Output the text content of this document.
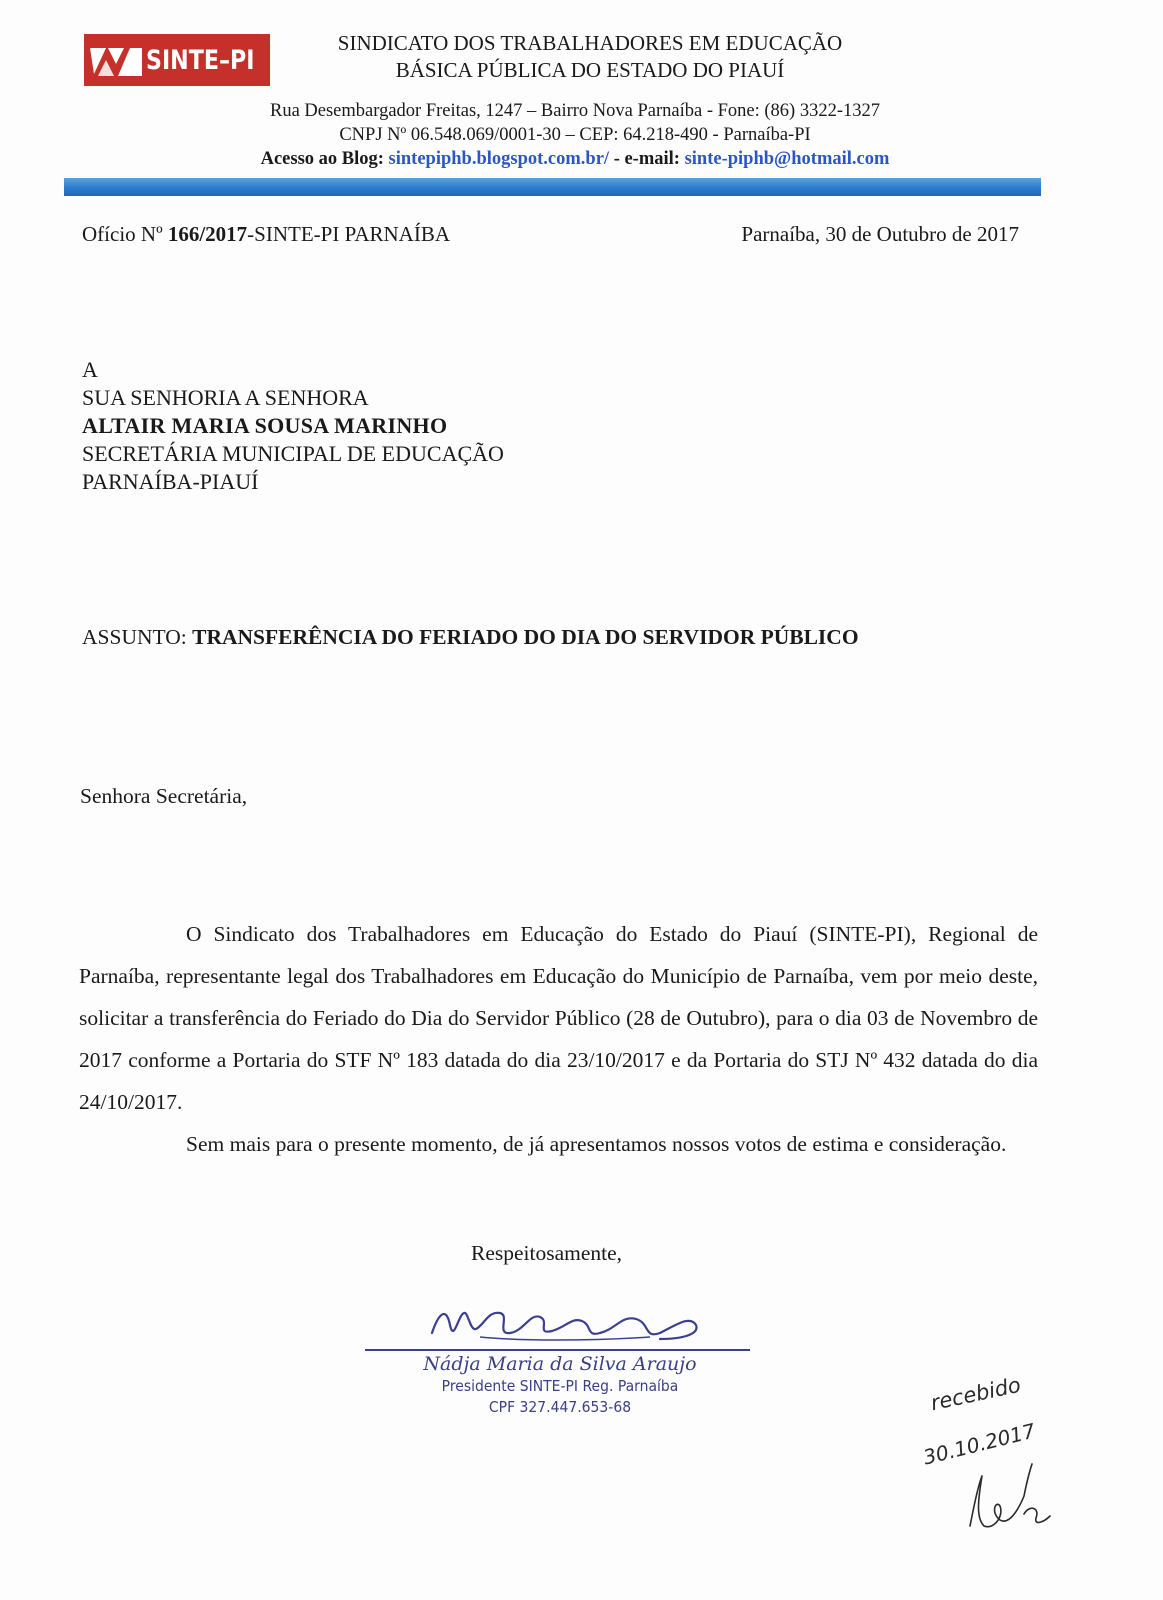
SINTE–PI
SINDICATO DOS TRABALHADORES EM EDUCAÇÃO
BÁSICA PÚBLICA DO ESTADO DO PIAUÍ
Rua Desembargador Freitas, 1247 – Bairro Nova Parnaíba - Fone: (86) 3322-1327
CNPJ Nº 06.548.069/0001-30 – CEP: 64.218-490 - Parnaíba-PI
Acesso ao Blog: sintepiphb.blogspot.com.br/ - e-mail: sinte-piphb@hotmail.com
Ofício Nº 166/2017-SINTE-PI PARNAÍBA	Parnaíba, 30 de Outubro de 2017
A
SUA SENHORIA A SENHORA
ALTAIR MARIA SOUSA MARINHO
SECRETÁRIA MUNICIPAL DE EDUCAÇÃO
PARNAÍBA-PIAUÍ
ASSUNTO: TRANSFERÊNCIA DO FERIADO DO DIA DO SERVIDOR PÚBLICO
Senhora Secretária,

O Sindicato dos Trabalhadores em Educação do Estado do Piauí (SINTE-PI), Regional de Parnaíba, representante legal dos Trabalhadores em Educação do Município de Parnaíba, vem por meio deste, solicitar a transferência do Feriado do Dia do Servidor Público (28 de Outubro), para o dia 03 de Novembro de 2017 conforme a Portaria do STF Nº 183 datada do dia 23/10/2017 e da Portaria do STJ Nº 432 datada do dia 24/10/2017.

Sem mais para o presente momento, de já apresentamos nossos votos de estima e consideração.

Respeitosamente,
Nádja Maria da Silva Araujo
Presidente SINTE-PI Reg. Parnaíba
CPF 327.447.653-68	recebido
30.10.2017
